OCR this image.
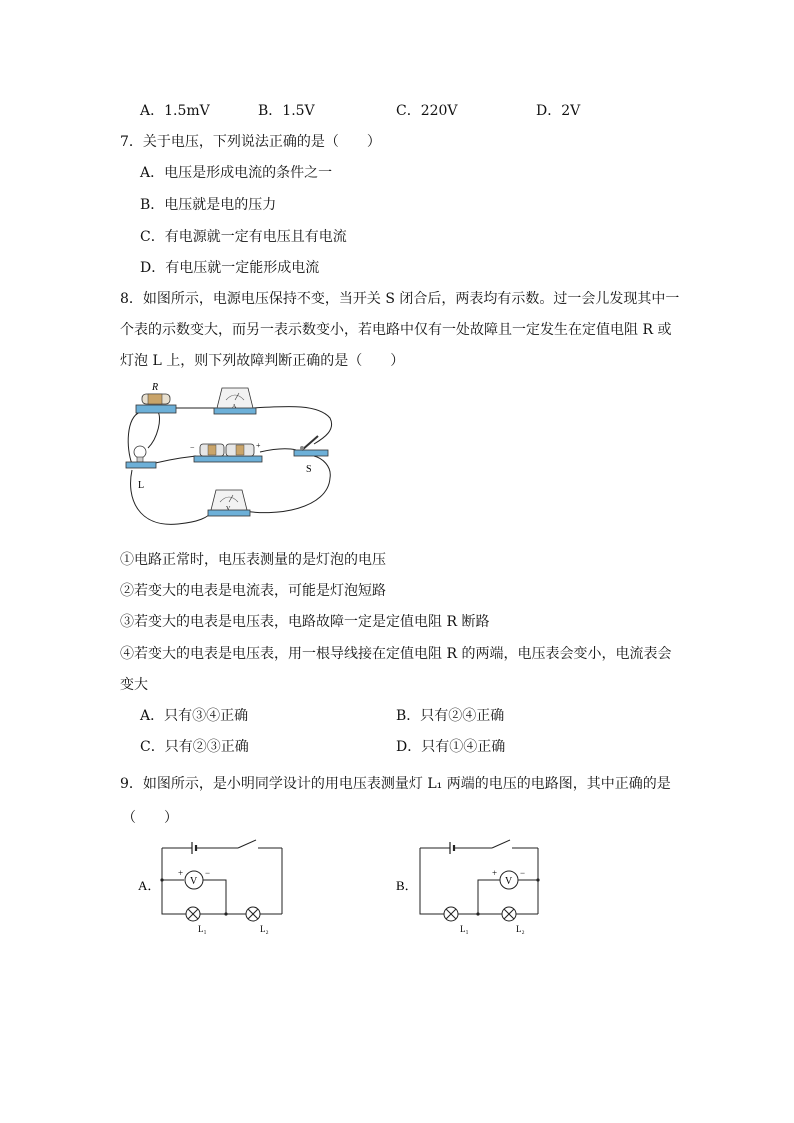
A．1.5mV	B．1.5V	C．220V	D．2V
7．关于电压，下列说法正确的是（　　）
A．电压是形成电流的条件之一
B．电压就是电的压力
C．有电源就一定有电压且有电流
D．有电压就一定能形成电流
8．如图所示，电源电压保持不变，当开关 S 闭合后，两表均有示数。过一会儿发现其中一
个表的示数变大，而另一表示数变小，若电路中仅有一处故障且一定发生在定值电阻 R 或
灯泡 L 上，则下列故障判断正确的是（　　）
R
A
L
−	+
S
V
①电路正常时，电压表测量的是灯泡的电压
②若变大的电表是电流表，可能是灯泡短路
③若变大的电表是电压表，电路故障一定是定值电阻 R 断路
④若变大的电表是电压表，用一根导线接在定值电阻 R 的两端，电压表会变小，电流表会
变大
A．只有③④正确	B．只有②④正确
C．只有②③正确	D．只有①④正确
9．如图所示，是小明同学设计的用电压表测量灯 L₁ 两端的电压的电路图，其中正确的是
（　　）
A．	V
+ −
L₁	L₂
B．	V
+	−
L₁	L₂
